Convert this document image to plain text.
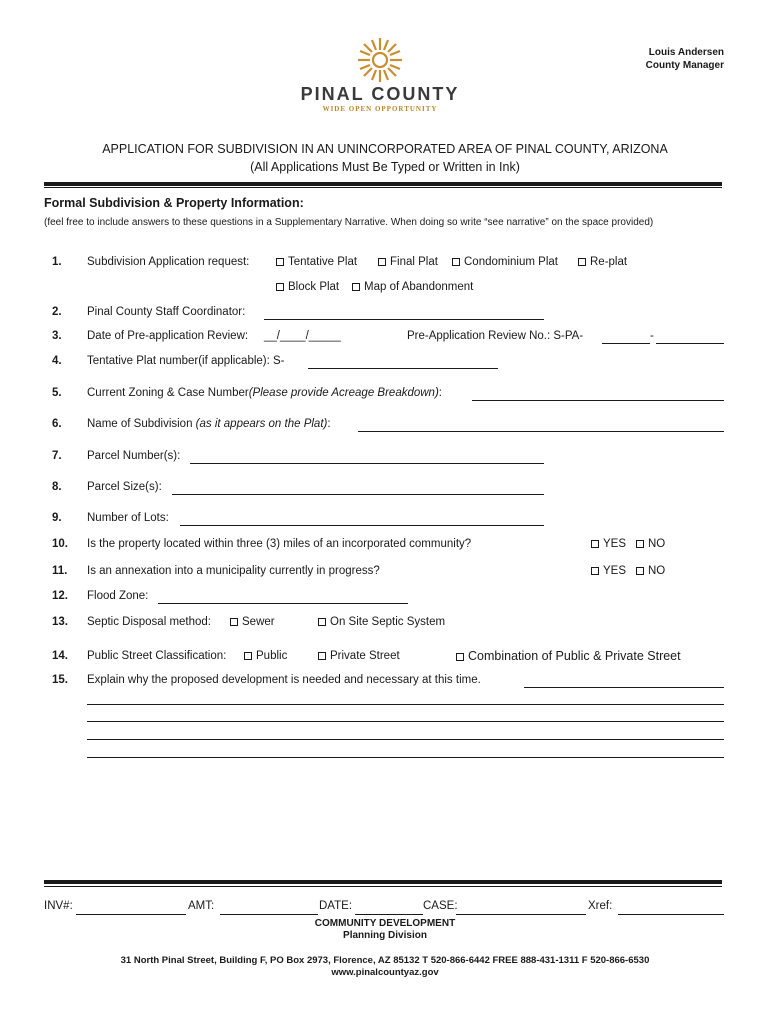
Louis Andersen
County Manager
PINAL COUNTY
WIDE OPEN OPPORTUNITY
APPLICATION FOR SUBDIVISION IN AN UNINCORPORATED AREA OF PINAL COUNTY, ARIZONA
(All Applications Must Be Typed or Written in Ink)
Formal Subdivision & Property Information:
(feel free to include answers to these questions in a Supplementary Narrative. When doing so write “see narrative” on the space provided)
1. Subdivision Application request:	Tentative Plat	Final Plat	Condominium Plat	Re-plat
Block Plat	Map of Abandonment
2. Pinal County Staff Coordinator:
3. Date of Pre-application Review: __/____/_____	Pre-Application Review No.: S-PA-	-
4. Tentative Plat number(if applicable): S-
5. Current Zoning & Case Number(Please provide Acreage Breakdown):
6. Name of Subdivision (as it appears on the Plat):
7. Parcel Number(s):
8. Parcel Size(s):
9. Number of Lots:
10. Is the property located within three (3) miles of an incorporated community?	YES	NO
11. Is an annexation into a municipality currently in progress?	YES	NO
12. Flood Zone:
13. Septic Disposal method:	Sewer	On Site Septic System
14. Public Street Classification:	Public	Private Street	Combination of Public & Private Street
15. Explain why the proposed development is needed and necessary at this time.
INV#:	AMT:	DATE:	CASE:	Xref:
COMMUNITY DEVELOPMENT
Planning Division
31 North Pinal Street, Building F, PO Box 2973, Florence, AZ 85132 T 520-866-6442 FREE 888-431-1311 F 520-866-6530
www.pinalcountyaz.gov
